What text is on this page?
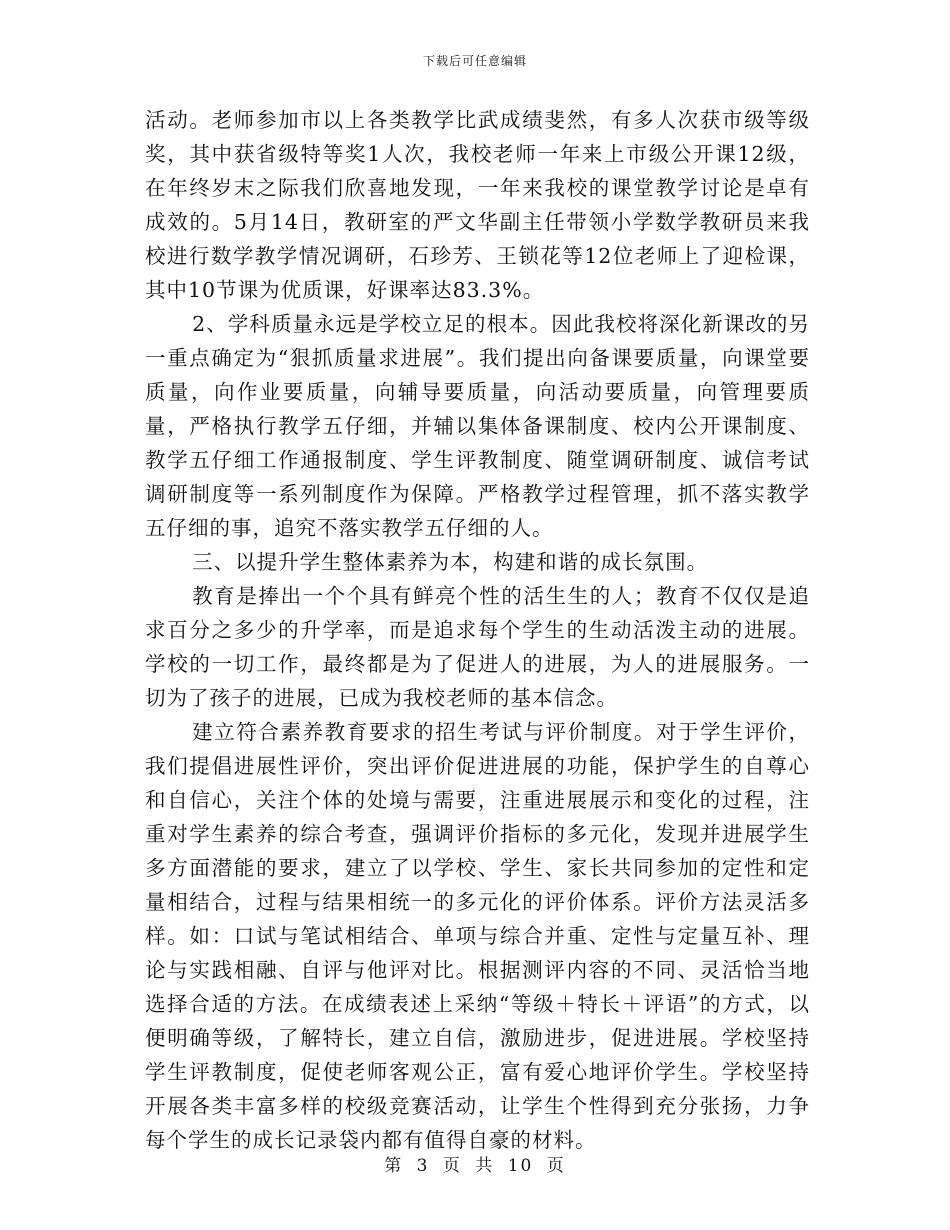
下载后可任意编辑

活动。老师参加市以上各类教学比武成绩斐然，有多人次获市级等级奖，其中获省级特等奖1人次，我校老师一年来上市级公开课12级，在年终岁末之际我们欣喜地发现，一年来我校的课堂教学讨论是卓有成效的。5月14日，教研室的严文华副主任带领小学数学教研员来我校进行数学教学情况调研，石珍芳、王锁花等12位老师上了迎检课，其中10节课为优质课，好课率达83.3%。

2、学科质量永远是学校立足的根本。因此我校将深化新课改的另一重点确定为“狠抓质量求进展”。我们提出向备课要质量，向课堂要质量，向作业要质量，向辅导要质量，向活动要质量，向管理要质量，严格执行教学五仔细，并辅以集体备课制度、校内公开课制度、教学五仔细工作通报制度、学生评教制度、随堂调研制度、诚信考试调研制度等一系列制度作为保障。严格教学过程管理，抓不落实教学五仔细的事，追究不落实教学五仔细的人。

三、以提升学生整体素养为本，构建和谐的成长氛围。

教育是捧出一个个具有鲜亮个性的活生生的人；教育不仅仅是追求百分之多少的升学率，而是追求每个学生的生动活泼主动的进展。学校的一切工作，最终都是为了促进人的进展，为人的进展服务。一切为了孩子的进展，已成为我校老师的基本信念。

建立符合素养教育要求的招生考试与评价制度。对于学生评价，我们提倡进展性评价，突出评价促进进展的功能，保护学生的自尊心和自信心，关注个体的处境与需要，注重进展展示和变化的过程，注重对学生素养的综合考查，强调评价指标的多元化，发现并进展学生多方面潜能的要求，建立了以学校、学生、家长共同参加的定性和定量相结合，过程与结果相统一的多元化的评价体系。评价方法灵活多样。如：口试与笔试相结合、单项与综合并重、定性与定量互补、理论与实践相融、自评与他评对比。根据测评内容的不同、灵活恰当地选择合适的方法。在成绩表述上采纳“等级＋特长＋评语”的方式，以便明确等级，了解特长，建立自信，激励进步，促进进展。学校坚持学生评教制度，促使老师客观公正，富有爱心地评价学生。学校坚持开展各类丰富多样的校级竞赛活动，让学生个性得到充分张扬，力争每个学生的成长记录袋内都有值得自豪的材料。

第 3 页 共 10 页
